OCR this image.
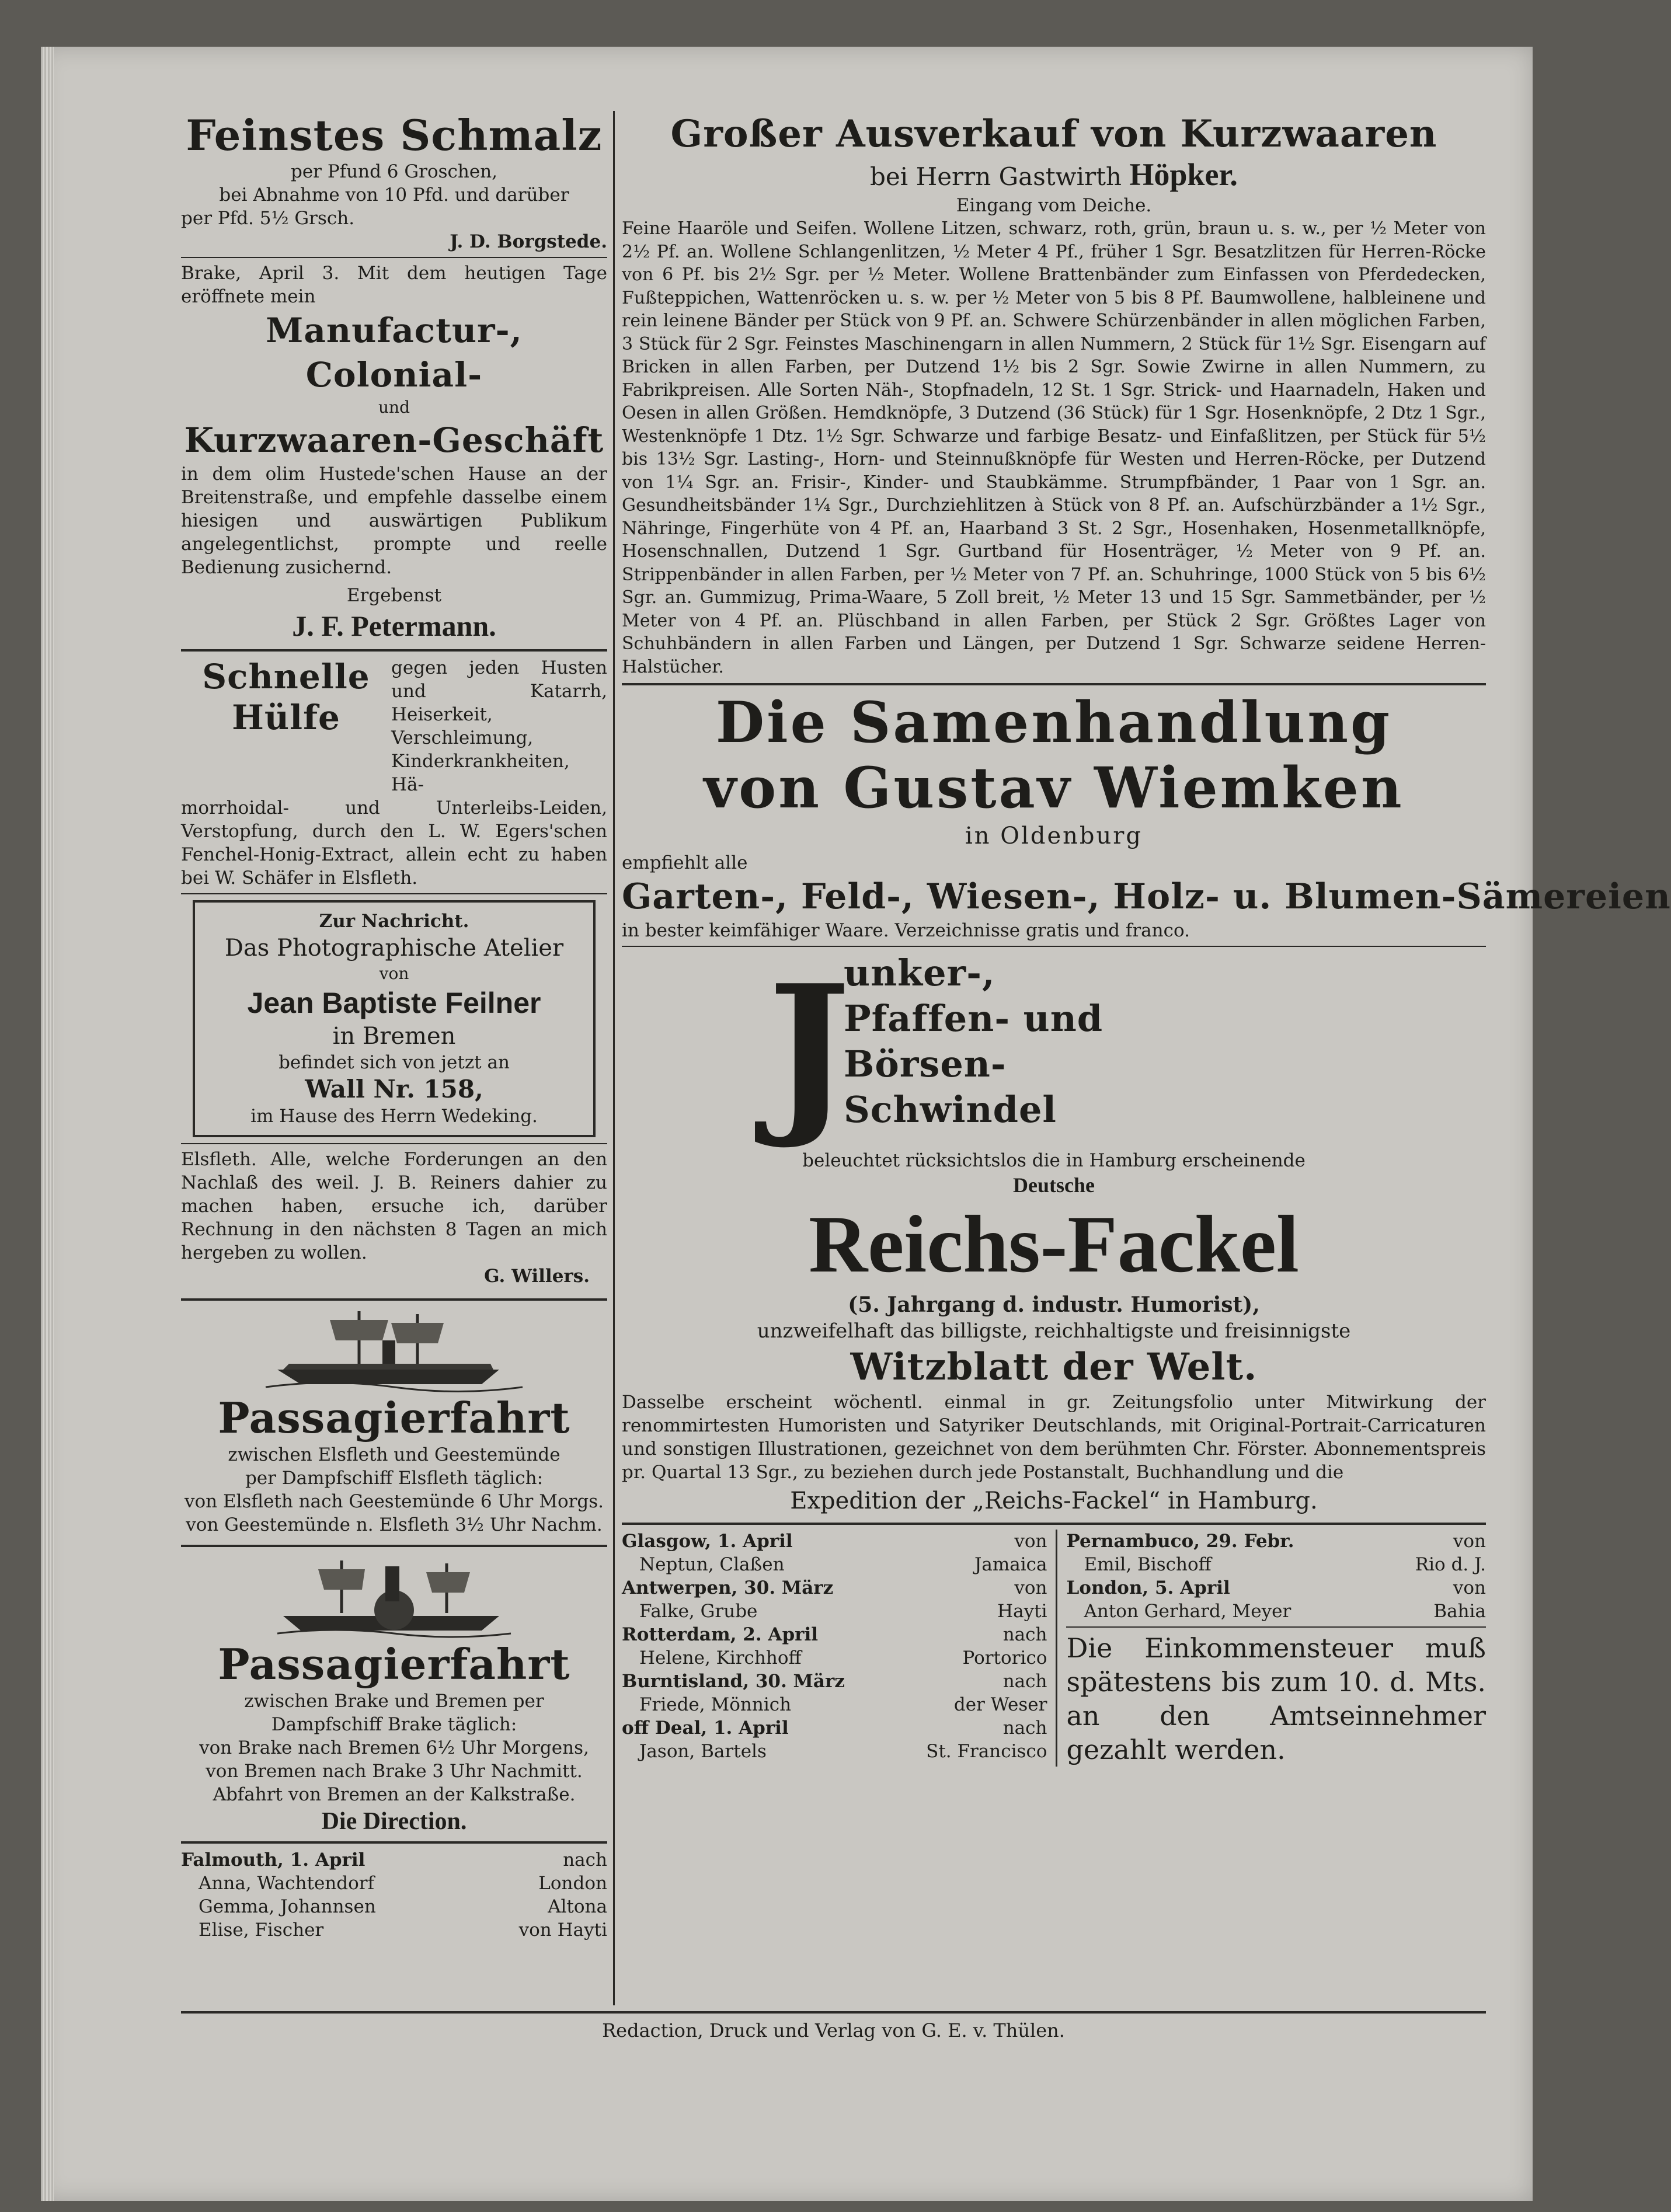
Feinstes Schmalz
per Pfund 6 Groschen,
bei Abnahme von 10 Pfd. und darüber
per Pfd. 5½ Grsch.
J. D. Borgstede.
Brake, April 3. Mit dem heutigen Tage eröffnete mein
Manufactur-, Colonial-
und
Kurzwaaren-Geschäft
in dem olim Hustede'schen Hause an der Breitenstraße, und empfehle dasselbe einem hiesigen und auswärtigen Publikum angelegentlichst, prompte und reelle Bedienung zusichernd.
Ergebenst
J. F. Petermann.
Schnelle
Hülfe
gegen jeden Husten und Katarrh, Heiserkeit, Verschleimung, Kinderkrankheiten, Hä-
morrhoidal- und Unterleibs-Leiden, Verstopfung, durch den L. W. Egers'schen Fenchel-Honig-Extract, allein echt zu haben bei W. Schäfer in Elsfleth.
Zur Nachricht.
Das Photographische Atelier
von
Jean Baptiste Feilner
in Bremen
befindet sich von jetzt an
Wall Nr. 158,
im Hause des Herrn Wedeking.
Elsfleth. Alle, welche Forderungen an den Nachlaß des weil. J. B. Reiners dahier zu machen haben, ersuche ich, darüber Rechnung in den nächsten 8 Tagen an mich hergeben zu wollen.
G. Willers.
Passagierfahrt
zwischen Elsfleth und Geestemünde
per Dampfschiff Elsfleth täglich:
von Elsfleth nach Geestemünde 6 Uhr Morgs.
von Geestemünde n. Elsfleth 3½ Uhr Nachm.
Passagierfahrt
zwischen Brake und Bremen per
Dampfschiff Brake täglich:
von Brake nach Bremen 6½ Uhr Morgens,
von Bremen nach Brake 3 Uhr Nachmitt.
Abfahrt von Bremen an der Kalkstraße.
Die Direction.
Falmouth, 1. April	nach
Anna, Wachtendorf	London
Gemma, Johannsen	Altona
Elise, Fischer	von Hayti
Großer Ausverkauf von Kurzwaaren
bei Herrn Gastwirth Höpker.
Eingang vom Deiche.
Feine Haaröle und Seifen. Wollene Litzen, schwarz, roth, grün, braun u. s. w., per ½ Meter von 2½ Pf. an. Wollene Schlangenlitzen, ½ Meter 4 Pf., früher 1 Sgr. Besatzlitzen für Herren-Röcke von 6 Pf. bis 2½ Sgr. per ½ Meter. Wollene Brattenbänder zum Einfassen von Pferdedecken, Fußteppichen, Wattenröcken u. s. w. per ½ Meter von 5 bis 8 Pf. Baumwollene, halbleinene und rein leinene Bänder per Stück von 9 Pf. an. Schwere Schürzenbänder in allen möglichen Farben, 3 Stück für 2 Sgr. Feinstes Maschinengarn in allen Nummern, 2 Stück für 1½ Sgr. Eisengarn auf Bricken in allen Farben, per Dutzend 1½ bis 2 Sgr. Sowie Zwirne in allen Nummern, zu Fabrikpreisen. Alle Sorten Näh-, Stopfnadeln, 12 St. 1 Sgr. Strick- und Haarnadeln, Haken und Oesen in allen Größen. Hemdknöpfe, 3 Dutzend (36 Stück) für 1 Sgr. Hosenknöpfe, 2 Dtz 1 Sgr., Westenknöpfe 1 Dtz. 1½ Sgr. Schwarze und farbige Besatz- und Einfaßlitzen, per Stück für 5½ bis 13½ Sgr. Lasting-, Horn- und Steinnußknöpfe für Westen und Herren-Röcke, per Dutzend von 1¼ Sgr. an. Frisir-, Kinder- und Staubkämme. Strumpfbänder, 1 Paar von 1 Sgr. an. Gesundheitsbänder 1¼ Sgr., Durchziehlitzen à Stück von 8 Pf. an. Aufschürzbänder a 1½ Sgr., Nähringe, Fingerhüte von 4 Pf. an, Haarband 3 St. 2 Sgr., Hosenhaken, Hosenmetallknöpfe, Hosenschnallen, Dutzend 1 Sgr. Gurtband für Hosenträger, ½ Meter von 9 Pf. an. Strippenbänder in allen Farben, per ½ Meter von 7 Pf. an. Schuhringe, 1000 Stück von 5 bis 6½ Sgr. an. Gummizug, Prima-Waare, 5 Zoll breit, ½ Meter 13 und 15 Sgr. Sammetbänder, per ½ Meter von 4 Pf. an. Plüschband in allen Farben, per Stück 2 Sgr. Größtes Lager von Schuhbändern in allen Farben und Längen, per Dutzend 1 Sgr. Schwarze seidene Herren-Halstücher.
Die Samenhandlung
von Gustav Wiemken
in Oldenburg
empfiehlt alle
Garten-, Feld-, Wiesen-, Holz- u. Blumen-Sämereien
in bester keimfähiger Waare. Verzeichnisse gratis und franco.
J
unker-,
Pfaffen- und
Börsen-
Schwindel
beleuchtet rücksichtslos die in Hamburg erscheinende
Deutsche
Reichs-Fackel
(5. Jahrgang d. industr. Humorist),
unzweifelhaft das billigste, reichhaltigste und freisinnigste
Witzblatt der Welt.
Dasselbe erscheint wöchentl. einmal in gr. Zeitungsfolio unter Mitwirkung der renommirtesten Humoristen und Satyriker Deutschlands, mit Original-Portrait-Carricaturen und sonstigen Illustrationen, gezeichnet von dem berühmten Chr. Förster. Abonnementspreis pr. Quartal 13 Sgr., zu beziehen durch jede Postanstalt, Buchhandlung und die
Expedition der „Reichs-Fackel“ in Hamburg.
Glasgow, 1. April	von
Neptun, Claßen	Jamaica
Antwerpen, 30. März	von
Falke, Grube	Hayti
Rotterdam, 2. April	nach
Helene, Kirchhoff	Portorico
Burntisland, 30. März	nach
Friede, Mönnich	der Weser
off Deal, 1. April	nach
Jason, Bartels	St. Francisco
Pernambuco, 29. Febr.	von
Emil, Bischoff	Rio d. J.
London, 5. April	von
Anton Gerhard, Meyer	Bahia
Die Einkommensteuer muß spätestens bis zum 10. d. Mts. an den Amtseinnehmer gezahlt werden.
Redaction, Druck und Verlag von G. E. v. Thülen.
